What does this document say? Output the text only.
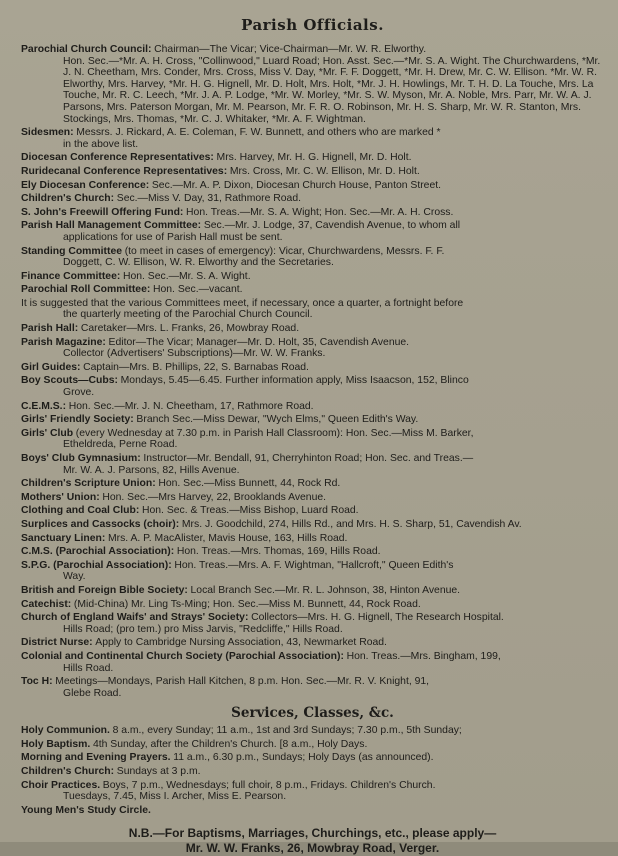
Parish Officials.
Parochial Church Council: Chairman—The Vicar; Vice-Chairman—Mr. W. R. Elworthy.
Hon. Sec.—*Mr. A. H. Cross, "Collinwood," Luard Road; Hon. Asst. Sec.—*Mr. S. A. Wight. The Churchwardens, *Mr. J. N. Cheetham, Mrs. Conder, Mrs. Cross, Miss V. Day, *Mr. F. F. Doggett, *Mr. H. Drew, Mr. C. W. Ellison. *Mr. W. R. Elworthy, Mrs. Harvey, *Mr. H. G. Hignell, Mr. D. Holt, Mrs. Holt, *Mr. J. H. Howlings, Mr. T. H. D. La Touche, Mrs. La Touche, Mr. R. C. Leech, *Mr. J. A. P. Lodge, *Mr. W. Morley, *Mr. S. W. Myson, Mr. A. Noble, Mrs. Parr, Mr. W. A. J. Parsons, Mrs. Paterson Morgan, Mr. M. Pearson, Mr. F. R. O. Robinson, Mr. H. S. Sharp, Mr. W. R. Stanton, Mrs. Stockings, Mrs. Thomas, *Mr. C. J. Whitaker, *Mr. A. F. Wightman.
Sidesmen: Messrs. J. Rickard, A. E. Coleman, F. W. Bunnett, and others who are marked *
in the above list.
Diocesan Conference Representatives: Mrs. Harvey, Mr. H. G. Hignell, Mr. D. Holt.
Ruridecanal Conference Representatives: Mrs. Cross, Mr. C. W. Ellison, Mr. D. Holt.
Ely Diocesan Conference: Sec.—Mr. A. P. Dixon, Diocesan Church House, Panton Street.
Children's Church: Sec.—Miss V. Day, 31, Rathmore Road.
S. John's Freewill Offering Fund: Hon. Treas.—Mr. S. A. Wight; Hon. Sec.—Mr. A. H. Cross.
Parish Hall Management Committee: Sec.—Mr. J. Lodge, 37, Cavendish Avenue, to whom all
applications for use of Parish Hall must be sent.
Standing Committee (to meet in cases of emergency): Vicar, Churchwardens, Messrs. F. F.
Doggett, C. W. Ellison, W. R. Elworthy and the Secretaries.
Finance Committee: Hon. Sec.—Mr. S. A. Wight.
Parochial Roll Committee: Hon. Sec.—vacant.
It is suggested that the various Committees meet, if necessary, once a quarter, a fortnight before
the quarterly meeting of the Parochial Church Council.
Parish Hall: Caretaker—Mrs. L. Franks, 26, Mowbray Road.
Parish Magazine: Editor—The Vicar; Manager—Mr. D. Holt, 35, Cavendish Avenue.
Collector (Advertisers' Subscriptions)—Mr. W. W. Franks.
Girl Guides: Captain—Mrs. B. Phillips, 22, S. Barnabas Road.
Boy Scouts—Cubs: Mondays, 5.45—6.45. Further information apply, Miss Isaacson, 152, Blinco
Grove.
C.E.M.S.: Hon. Sec.—Mr. J. N. Cheetham, 17, Rathmore Road.
Girls' Friendly Society: Branch Sec.—Miss Dewar, "Wych Elms," Queen Edith's Way.
Girls' Club (every Wednesday at 7.30 p.m. in Parish Hall Classroom): Hon. Sec.—Miss M. Barker,
Etheldreda, Perne Road.
Boys' Club Gymnasium: Instructor—Mr. Bendall, 91, Cherryhinton Road; Hon. Sec. and Treas.—
Mr. W. A. J. Parsons, 82, Hills Avenue.
Children's Scripture Union: Hon. Sec.—Miss Bunnett, 44, Rock Rd.
Mothers' Union: Hon. Sec.—Mrs Harvey, 22, Brooklands Avenue.
Clothing and Coal Club: Hon. Sec. & Treas.—Miss Bishop, Luard Road.
Surplices and Cassocks (choir): Mrs. J. Goodchild, 274, Hills Rd., and Mrs. H. S. Sharp, 51, Cavendish Av.
Sanctuary Linen: Mrs. A. P. MacAlister, Mavis House, 163, Hills Road.
C.M.S. (Parochial Association): Hon. Treas.—Mrs. Thomas, 169, Hills Road.
S.P.G. (Parochial Association): Hon. Treas.—Mrs. A. F. Wightman, "Hallcroft," Queen Edith's
Way.
British and Foreign Bible Society: Local Branch Sec.—Mr. R. L. Johnson, 38, Hinton Avenue.
Catechist: (Mid-China) Mr. Ling Ts-Ming; Hon. Sec.—Miss M. Bunnett, 44, Rock Road.
Church of England Waifs' and Strays' Society: Collectors—Mrs. H. G. Hignell, The Research Hospital.
Hills Road; (pro tem.) pro Miss Jarvis, "Redcliffe," Hills Road.
District Nurse: Apply to Cambridge Nursing Association, 43, Newmarket Road.
Colonial and Continental Church Society (Parochial Association): Hon. Treas.—Mrs. Bingham, 199,
Hills Road.
Toc H: Meetings—Mondays, Parish Hall Kitchen, 8 p.m. Hon. Sec.—Mr. R. V. Knight, 91,
Glebe Road.
Services, Classes, &c.
Holy Communion. 8 a.m., every Sunday; 11 a.m., 1st and 3rd Sundays; 7.30 p.m., 5th Sunday;
Holy Baptism. 4th Sunday, after the Children's Church. [8 a.m., Holy Days.
Morning and Evening Prayers. 11 a.m., 6.30 p.m., Sundays; Holy Days (as announced).
Children's Church: Sundays at 3 p.m.
Choir Practices. Boys, 7 p.m., Wednesdays; full choir, 8 p.m., Fridays. Children's Church.
Tuesdays, 7.45, Miss I. Archer, Miss E. Pearson.
Young Men's Study Circle.
N.B.—For Baptisms, Marriages, Churchings, etc., please apply—
Mr. W. W. Franks, 26, Mowbray Road, Verger.
